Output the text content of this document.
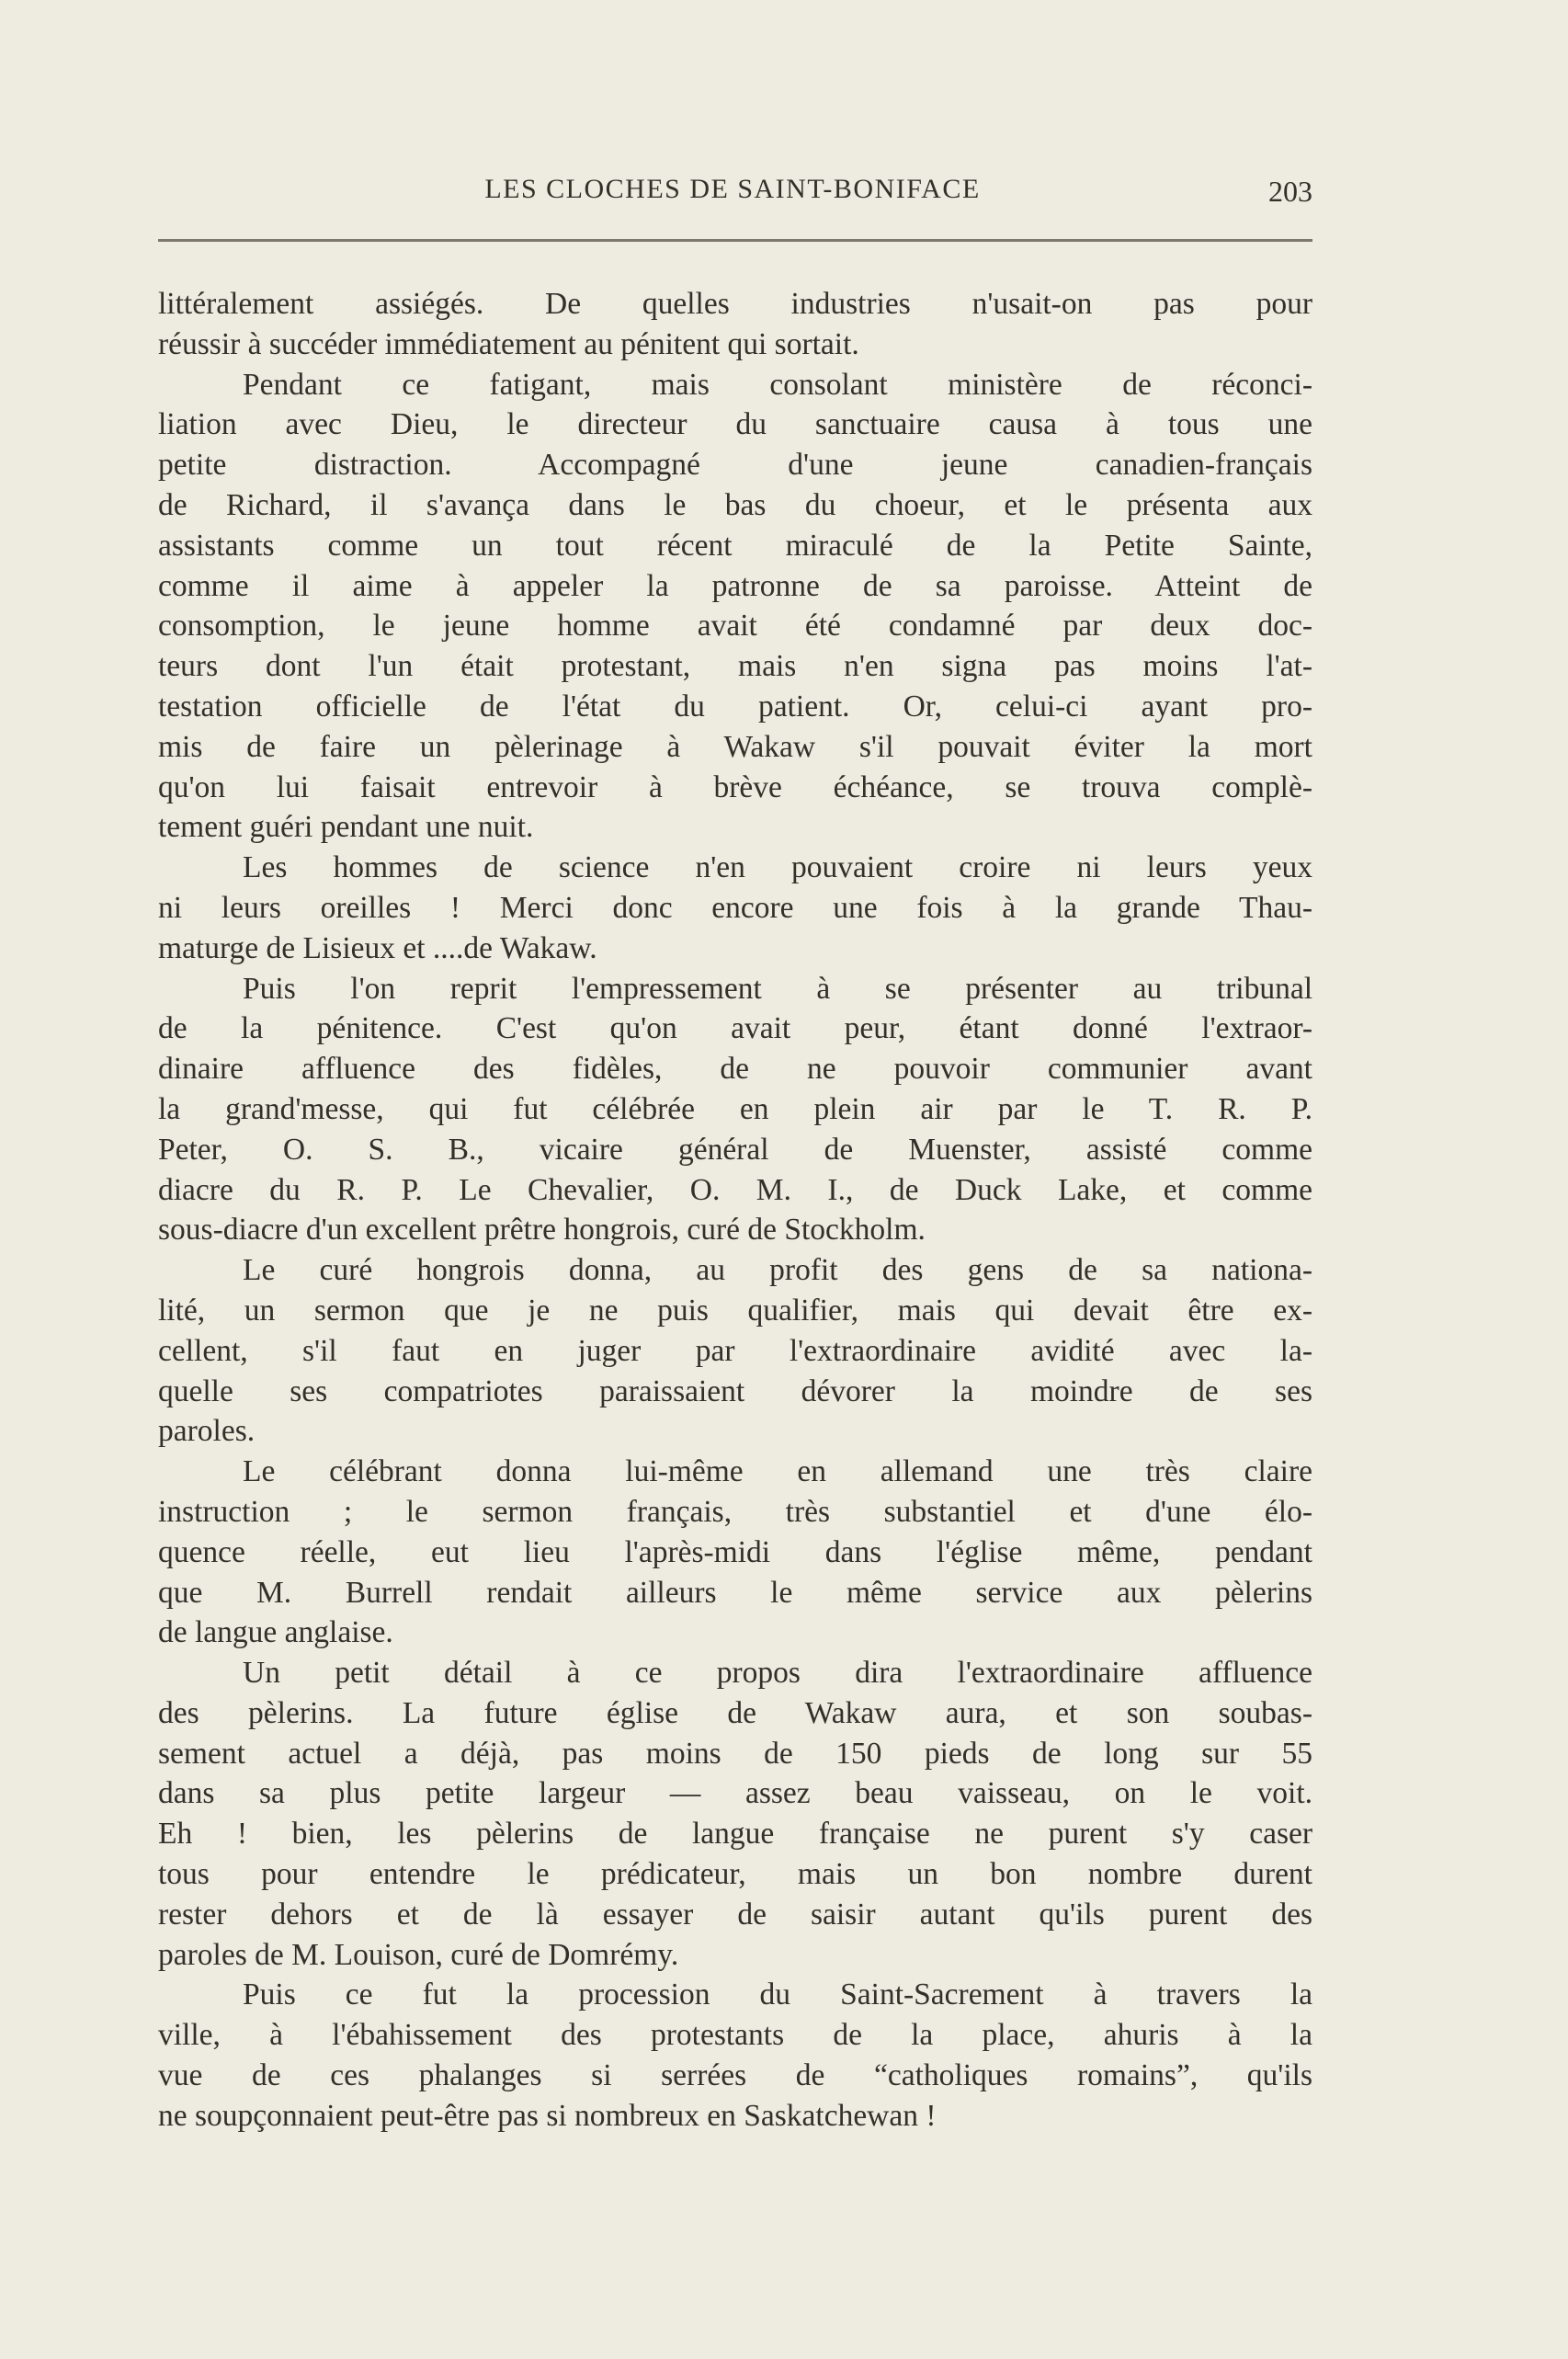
LES CLOCHES DE SAINT-BONIFACE	203
littéralement assiégés. De quelles industries n'usait-on pas pour
réussir à succéder immédiatement au pénitent qui sortait.
Pendant ce fatigant, mais consolant ministère de réconci-
liation avec Dieu, le directeur du sanctuaire causa à tous une
petite distraction. Accompagné d'une jeune canadien-français
de Richard, il s'avança dans le bas du choeur, et le présenta aux
assistants comme un tout récent miraculé de la Petite Sainte,
comme il aime à appeler la patronne de sa paroisse. Atteint de
consomption, le jeune homme avait été condamné par deux doc-
teurs dont l'un était protestant, mais n'en signa pas moins l'at-
testation officielle de l'état du patient. Or, celui-ci ayant pro-
mis de faire un pèlerinage à Wakaw s'il pouvait éviter la mort
qu'on lui faisait entrevoir à brève échéance, se trouva complè-
tement guéri pendant une nuit.
Les hommes de science n'en pouvaient croire ni leurs yeux
ni leurs oreilles ! Merci donc encore une fois à la grande Thau-
maturge de Lisieux et ....de Wakaw.
Puis l'on reprit l'empressement à se présenter au tribunal
de la pénitence. C'est qu'on avait peur, étant donné l'extraor-
dinaire affluence des fidèles, de ne pouvoir communier avant
la grand'messe, qui fut célébrée en plein air par le T. R. P.
Peter, O. S. B., vicaire général de Muenster, assisté comme
diacre du R. P. Le Chevalier, O. M. I., de Duck Lake, et comme
sous-diacre d'un excellent prêtre hongrois, curé de Stockholm.
Le curé hongrois donna, au profit des gens de sa nationa-
lité, un sermon que je ne puis qualifier, mais qui devait être ex-
cellent, s'il faut en juger par l'extraordinaire avidité avec la-
quelle ses compatriotes paraissaient dévorer la moindre de ses
paroles.
Le célébrant donna lui-même en allemand une très claire
instruction ; le sermon français, très substantiel et d'une élo-
quence réelle, eut lieu l'après-midi dans l'église même, pendant
que M. Burrell rendait ailleurs le même service aux pèlerins
de langue anglaise.
Un petit détail à ce propos dira l'extraordinaire affluence
des pèlerins. La future église de Wakaw aura, et son soubas-
sement actuel a déjà, pas moins de 150 pieds de long sur 55
dans sa plus petite largeur — assez beau vaisseau, on le voit.
Eh ! bien, les pèlerins de langue française ne purent s'y caser
tous pour entendre le prédicateur, mais un bon nombre durent
rester dehors et de là essayer de saisir autant qu'ils purent des
paroles de M. Louison, curé de Domrémy.
Puis ce fut la procession du Saint-Sacrement à travers la
ville, à l'ébahissement des protestants de la place, ahuris à la
vue de ces phalanges si serrées de “catholiques romains”, qu'ils
ne soupçonnaient peut-être pas si nombreux en Saskatchewan !
